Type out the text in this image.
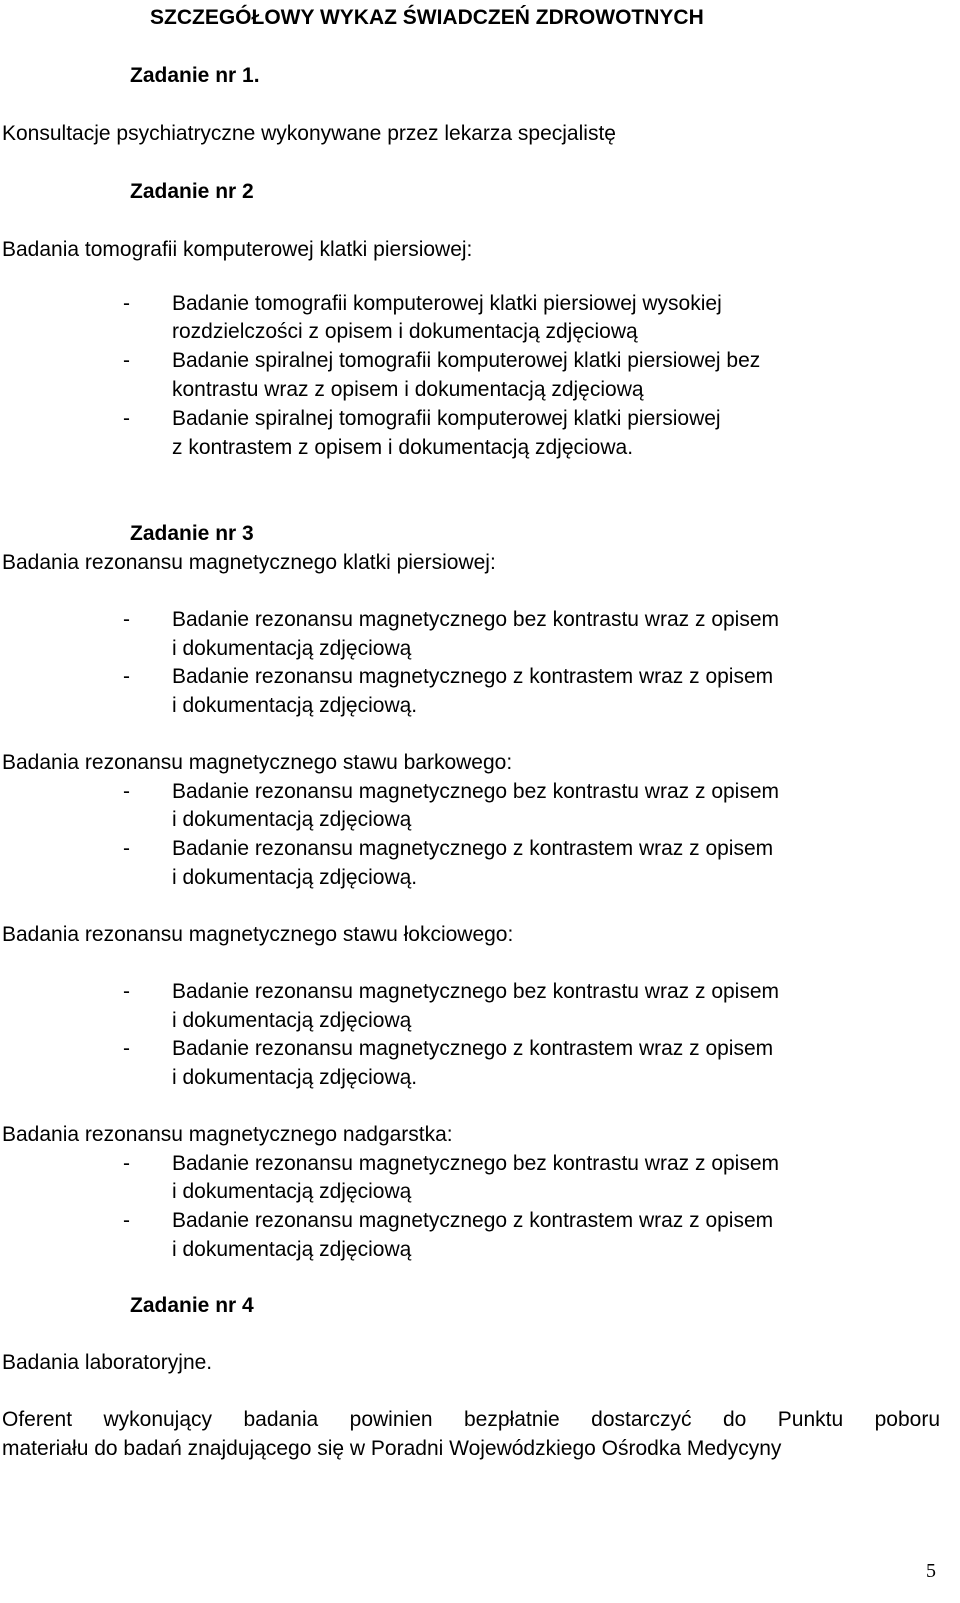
SZCZEGÓŁOWY WYKAZ ŚWIADCZEŃ ZDROWOTNYCH
Zadanie nr 1.
Konsultacje psychiatryczne wykonywane przez lekarza specjalistę
Zadanie nr 2
Badania tomografii komputerowej klatki piersiowej:
- Badanie tomografii komputerowej klatki piersiowej wysokiej
rozdzielczości z opisem i dokumentacją zdjęciową
- Badanie spiralnej tomografii komputerowej klatki piersiowej bez
kontrastu wraz z opisem i dokumentacją zdjęciową
- Badanie spiralnej tomografii komputerowej klatki piersiowej
z kontrastem z opisem i dokumentacją zdjęciowa.
Zadanie nr 3
Badania rezonansu magnetycznego klatki piersiowej:
- Badanie rezonansu magnetycznego bez kontrastu wraz z opisem
i dokumentacją zdjęciową
- Badanie rezonansu magnetycznego z kontrastem wraz z opisem
i dokumentacją zdjęciową.
Badania rezonansu magnetycznego stawu barkowego:
- Badanie rezonansu magnetycznego bez kontrastu wraz z opisem
i dokumentacją zdjęciową
- Badanie rezonansu magnetycznego z kontrastem wraz z opisem
i dokumentacją zdjęciową.
Badania rezonansu magnetycznego stawu łokciowego:
- Badanie rezonansu magnetycznego bez kontrastu wraz z opisem
i dokumentacją zdjęciową
- Badanie rezonansu magnetycznego z kontrastem wraz z opisem
i dokumentacją zdjęciową.
Badania rezonansu magnetycznego nadgarstka:
- Badanie rezonansu magnetycznego bez kontrastu wraz z opisem
i dokumentacją zdjęciową
- Badanie rezonansu magnetycznego z kontrastem wraz z opisem
i dokumentacją zdjęciową
Zadanie nr 4
Badania laboratoryjne.
Oferent wykonujący badania powinien bezpłatnie dostarczyć do Punktu poboru
materiału do badań znajdującego się w Poradni Wojewódzkiego Ośrodka Medycyny
5
